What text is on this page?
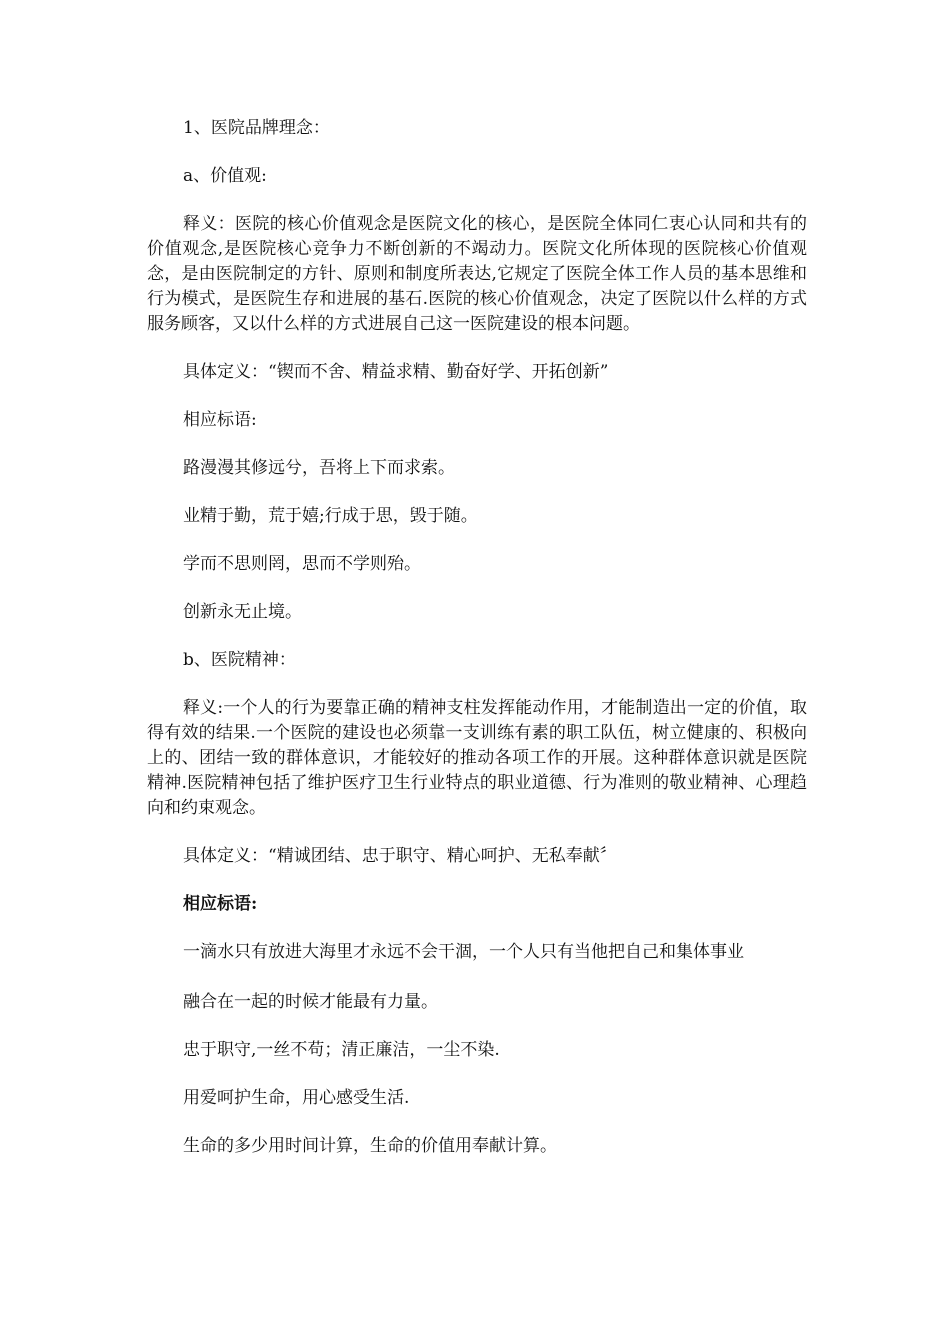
1、医院品牌理念：

a、价值观:

释义：医院的核心价值观念是医院文化的核心，是医院全体同仁衷心认同和共有的价值观念,是医院核心竞争力不断创新的不竭动力。医院文化所体现的医院核心价值观念，是由医院制定的方针、原则和制度所表达,它规定了医院全体工作人员的基本思维和行为模式，是医院生存和进展的基石.医院的核心价值观念，决定了医院以什么样的方式服务顾客，又以什么样的方式进展自己这一医院建设的根本问题。

具体定义：“锲而不舍、精益求精、勤奋好学、开拓创新”

相应标语:

路漫漫其修远兮，吾将上下而求索。

业精于勤，荒于嬉;行成于思，毁于随。

学而不思则罔，思而不学则殆。

创新永无止境。

b、医院精神：

释义:一个人的行为要靠正确的精神支柱发挥能动作用，才能制造出一定的价值，取得有效的结果.一个医院的建设也必须靠一支训练有素的职工队伍，树立健康的、积极向上的、团结一致的群体意识，才能较好的推动各项工作的开展。这种群体意识就是医院精神.医院精神包括了维护医疗卫生行业特点的职业道德、行为准则的敬业精神、心理趋向和约束观念。

具体定义：“精诚团结、忠于职守、精心呵护、无私奉献〞

相应标语:

一滴水只有放进大海里才永远不会干涸，一个人只有当他把自己和集体事业

融合在一起的时候才能最有力量。

忠于职守,一丝不苟；清正廉洁，一尘不染.

用爱呵护生命，用心感受生活.

生命的多少用时间计算，生命的价值用奉献计算。
